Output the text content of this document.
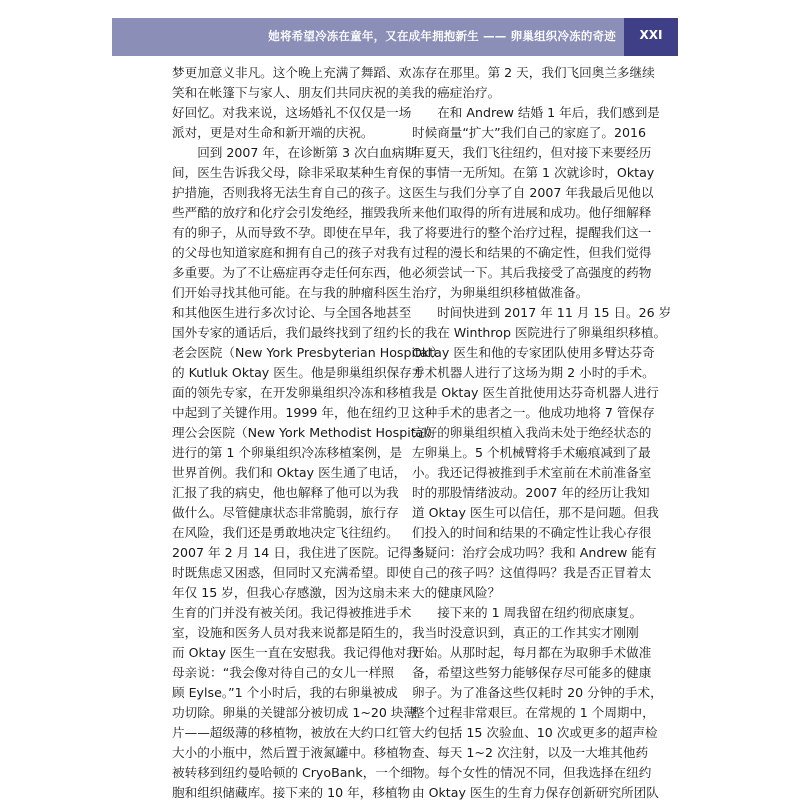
她将希望冷冻在童年，又在成年拥抱新生 —— 卵巢组织冷冻的奇迹	XXI
梦更加意义非凡。这个晚上充满了舞蹈、欢
笑和在帐篷下与家人、朋友们共同庆祝的美
好回忆。对我来说，这场婚礼不仅仅是一场
派对，更是对生命和新开端的庆祝。
　　回到 2007 年，在诊断第 3 次白血病期
间，医生告诉我父母，除非采取某种生育保
护措施，否则我将无法生育自己的孩子。这
些严酷的放疗和化疗会引发绝经，摧毁我所
有的卵子，从而导致不孕。即使在早年，我
的父母也知道家庭和拥有自己的孩子对我有
多重要。为了不让癌症再夺走任何东西，他
们开始寻找其他可能。在与我的肿瘤科医生
和其他医生进行多次讨论、与全国各地甚至
国外专家的通话后，我们最终找到了纽约长
老会医院（New York Presbyterian Hospital）
的 Kutluk Oktay 医生。他是卵巢组织保存方
面的领先专家，在开发卵巢组织冷冻和移植
中起到了关键作用。1999 年，他在纽约卫
理公会医院（New York Methodist Hospital）
进行的第 1 个卵巢组织冷冻移植案例，是
世界首例。我们和 Oktay 医生通了电话，
汇报了我的病史，他也解释了他可以为我
做什么。尽管健康状态非常脆弱，旅行存
在风险，我们还是勇敢地决定飞往纽约。
2007 年 2 月 14 日，我住进了医院。记得当
时既焦虑又困惑，但同时又充满希望。即使
年仅 15 岁，但我心存感激，因为这扇未来
生育的门并没有被关闭。我记得被推进手术
室，设施和医务人员对我来说都是陌生的，
而 Oktay 医生一直在安慰我。我记得他对我
母亲说：“我会像对待自己的女儿一样照
顾 Eylse。”1 个小时后，我的右卵巢被成
功切除。卵巢的关键部分被切成 1~20 块薄
片——超级薄的移植物，被放在大约口红管
大小的小瓶中，然后置于液氮罐中。移植物
被转移到纽约曼哈顿的 CryoBank，一个细
胞和组织储藏库。接下来的 10 年，移植物
冻存在那里。第 2 天，我们飞回奥兰多继续
我的癌症治疗。
　　在和 Andrew 结婚 1 年后，我们感到是
时候商量“扩大”我们自己的家庭了。2016
年夏天，我们飞往纽约，但对接下来要经历
的事情一无所知。在第 1 次就诊时，Oktay
医生与我们分享了自 2007 年我最后见他以
来他们取得的所有进展和成功。他仔细解释
了将要进行的整个治疗过程，提醒我们这一
过程的漫长和结果的不确定性，但我们觉得
必须尝试一下。其后我接受了高强度的药物
治疗，为卵巢组织移植做准备。
　　时间快进到 2017 年 11 月 15 日。26 岁
的我在 Winthrop 医院进行了卵巢组织移植。
Oktay 医生和他的专家团队使用多臂达芬奇
手术机器人进行了这场为期 2 小时的手术。
我是 Oktay 医生首批使用达芬奇机器人进行
这种手术的患者之一。他成功地将 7 管保存
完好的卵巢组织植入我尚未处于绝经状态的
左卵巢上。5 个机械臂将手术瘢痕减到了最
小。我还记得被推到手术室前在术前准备室
时的那股情绪波动。2007 年的经历让我知
道 Oktay 医生可以信任，那不是问题。但我
们投入的时间和结果的不确定性让我心存很
多疑问：治疗会成功吗？我和 Andrew 能有
自己的孩子吗？这值得吗？我是否正冒着太
大的健康风险？
　　接下来的 1 周我留在纽约彻底康复。
我当时没意识到，真正的工作其实才刚刚
开始。从那时起，每月都在为取卵手术做准
备，希望这些努力能够保存尽可能多的健康
卵子。为了准备这些仅耗时 20 分钟的手术，
整个过程非常艰巨。在常规的 1 个周期中，
大约包括 15 次验血、10 次或更多的超声检
查、每天 1~2 次注射，以及一大堆其他药
物。每个女性的情况不同，但我选择在纽约
由 Oktay 医生的生育力保存创新研究所团队
